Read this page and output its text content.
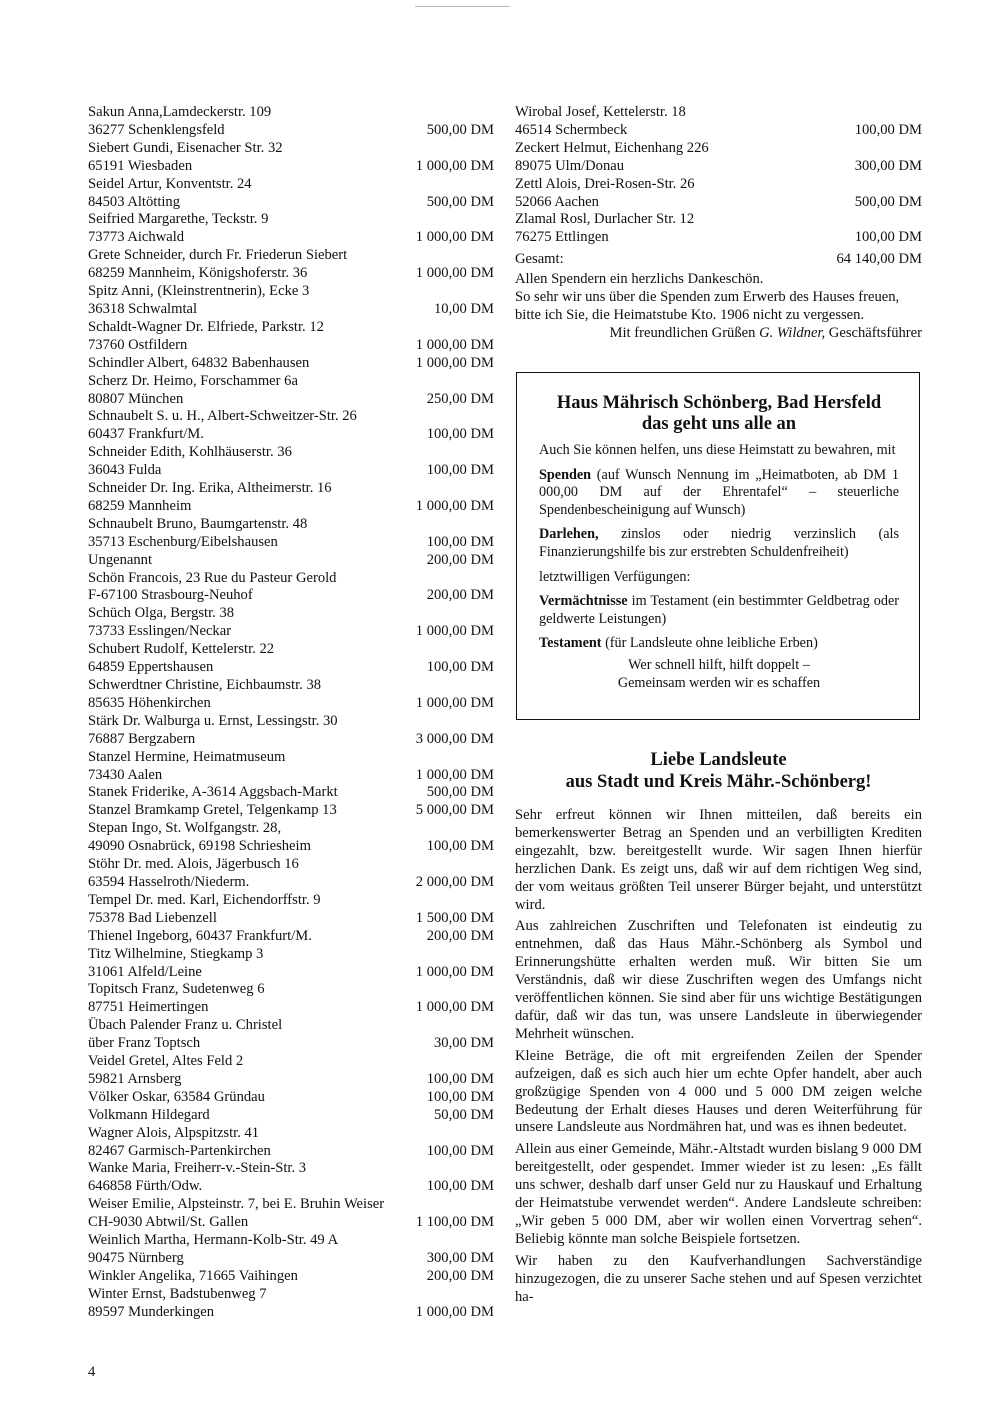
Sakun Anna,Lamdeckerstr. 109
36277 Schenklengsfeld	500,00 DM
Siebert Gundi, Eisenacher Str. 32
65191 Wiesbaden	1 000,00 DM
Seidel Artur, Konventstr. 24
84503 Altötting	500,00 DM
Seifried Margarethe, Teckstr. 9
73773 Aichwald	1 000,00 DM
Grete Schneider, durch Fr. Friederun Siebert
68259 Mannheim, Königshoferstr. 36	1 000,00 DM
Spitz Anni, (Kleinstrentnerin), Ecke 3
36318 Schwalmtal	10,00 DM
Schaldt-Wagner Dr. Elfriede, Parkstr. 12
73760 Ostfildern	1 000,00 DM
Schindler Albert, 64832 Babenhausen	1 000,00 DM
Scherz Dr. Heimo, Forschammer 6a
80807 München	250,00 DM
Schnaubelt S. u. H., Albert-Schweitzer-Str. 26
60437 Frankfurt/M.	100,00 DM
Schneider Edith, Kohlhäuserstr. 36
36043 Fulda	100,00 DM
Schneider Dr. Ing. Erika, Altheimerstr. 16
68259 Mannheim	1 000,00 DM
Schnaubelt Bruno, Baumgartenstr. 48
35713 Eschenburg/Eibelshausen	100,00 DM
Ungenannt	200,00 DM
Schön Francois, 23 Rue du Pasteur Gerold
F-67100 Strasbourg-Neuhof	200,00 DM
Schüch Olga, Bergstr. 38
73733 Esslingen/Neckar	1 000,00 DM
Schubert Rudolf, Kettelerstr. 22
64859 Eppertshausen	100,00 DM
Schwerdtner Christine, Eichbaumstr. 38
85635 Höhenkirchen	1 000,00 DM
Stärk Dr. Walburga u. Ernst, Lessingstr. 30
76887 Bergzabern	3 000,00 DM
Stanzel Hermine, Heimatmuseum
73430 Aalen	1 000,00 DM
Stanek Friderike, A-3614 Aggsbach-Markt	500,00 DM
Stanzel Bramkamp Gretel, Telgenkamp 13	5 000,00 DM
Stepan Ingo, St. Wolfgangstr. 28,
49090 Osnabrück, 69198 Schriesheim	100,00 DM
Stöhr Dr. med. Alois, Jägerbusch 16
63594 Hasselroth/Niederm.	2 000,00 DM
Tempel Dr. med. Karl, Eichendorffstr. 9
75378 Bad Liebenzell	1 500,00 DM
Thienel Ingeborg, 60437 Frankfurt/M.	200,00 DM
Titz Wilhelmine, Stiegkamp 3
31061 Alfeld/Leine	1 000,00 DM
Topitsch Franz, Sudetenweg 6
87751 Heimertingen	1 000,00 DM
Übach Palender Franz u. Christel
über Franz Toptsch	30,00 DM
Veidel Gretel, Altes Feld 2
59821 Arnsberg	100,00 DM
Völker Oskar, 63584 Gründau	100,00 DM
Volkmann Hildegard	50,00 DM
Wagner Alois, Alpspitzstr. 41
82467 Garmisch-Partenkirchen	100,00 DM
Wanke Maria, Freiherr-v.-Stein-Str. 3
646858 Fürth/Odw.	100,00 DM
Weiser Emilie, Alpsteinstr. 7, bei E. Bruhin Weiser
CH-9030 Abtwil/St. Gallen	1 100,00 DM
Weinlich Martha, Hermann-Kolb-Str. 49 A
90475 Nürnberg	300,00 DM
Winkler Angelika, 71665 Vaihingen	200,00 DM
Winter Ernst, Badstubenweg 7
89597 Munderkingen	1 000,00 DM
Wirobal Josef, Kettelerstr. 18
46514 Schermbeck	100,00 DM
Zeckert Helmut, Eichenhang 226
89075 Ulm/Donau	300,00 DM
Zettl Alois, Drei-Rosen-Str. 26
52066 Aachen	500,00 DM
Zlamal Rosl, Durlacher Str. 12
76275 Ettlingen	100,00 DM
Gesamt:	64 140,00 DM
Allen Spendern ein herzlichs Dankeschön.
So sehr wir uns über die Spenden zum Erwerb des Hauses freuen,
bitte ich Sie, die Heimatstube Kto. 1906 nicht zu vergessen.
Mit freundlichen Grüßen G. Wildner, Geschäftsführer
Haus Mährisch Schönberg, Bad Hersfeld
das geht uns alle an

Auch Sie können helfen, uns diese Heimstatt zu bewahren, mit

Spenden (auf Wunsch Nennung im „Heimatboten, ab DM 1 000,00 DM auf der Ehrentafel“ – steuerliche Spendenbescheinigung auf Wunsch)

Darlehen, zinslos oder niedrig verzinslich (als Finanzierungshilfe bis zur erstrebten Schuldenfreiheit)

letztwilligen Verfügungen:

Vermächtnisse im Testament (ein bestimmter Geldbetrag oder geldwerte Leistungen)

Testament (für Landsleute ohne leibliche Erben)

Wer schnell hilft, hilft doppelt –
Gemeinsam werden wir es schaffen

Liebe Landsleute
aus Stadt und Kreis Mähr.-Schönberg!

Sehr erfreut können wir Ihnen mitteilen, daß bereits ein bemerkenswerter Betrag an Spenden und an verbilligten Krediten eingezahlt, bzw. bereitgestellt wurde. Wir sagen Ihnen hierfür herzlichen Dank. Es zeigt uns, daß wir auf dem richtigen Weg sind, der vom weitaus größten Teil unserer Bürger bejaht, und unterstützt wird.

Aus zahlreichen Zuschriften und Telefonaten ist eindeutig zu entnehmen, daß das Haus Mähr.-Schönberg als Symbol und Erinnerungshütte erhalten werden muß. Wir bitten Sie um Verständnis, daß wir diese Zuschriften wegen des Umfangs nicht veröffentlichen können. Sie sind aber für uns wichtige Bestätigungen dafür, daß wir das tun, was unsere Landsleute in überwiegender Mehrheit wünschen.

Kleine Beträge, die oft mit ergreifenden Zeilen der Spender aufzeigen, daß es sich auch hier um echte Opfer handelt, aber auch großzügige Spenden von 4 000 und 5 000 DM zeigen welche Bedeutung der Erhalt dieses Hauses und deren Weiterführung für unsere Landsleute aus Nordmähren hat, und was es ihnen bedeutet.

Allein aus einer Gemeinde, Mähr.-Altstadt wurden bislang 9 000 DM bereitgestellt, oder gespendet. Immer wieder ist zu lesen: „Es fällt uns schwer, deshalb darf unser Geld nur zu Hauskauf und Erhaltung der Heimatstube verwendet werden“. Andere Landsleute schreiben: „Wir geben 5 000 DM, aber wir wollen einen Vorvertrag sehen“. Beliebig könnte man solche Beispiele fortsetzen.

Wir haben zu den Kaufverhandlungen Sachverständige hinzugezogen, die zu unserer Sache stehen und auf Spesen verzichtet ha-

4
